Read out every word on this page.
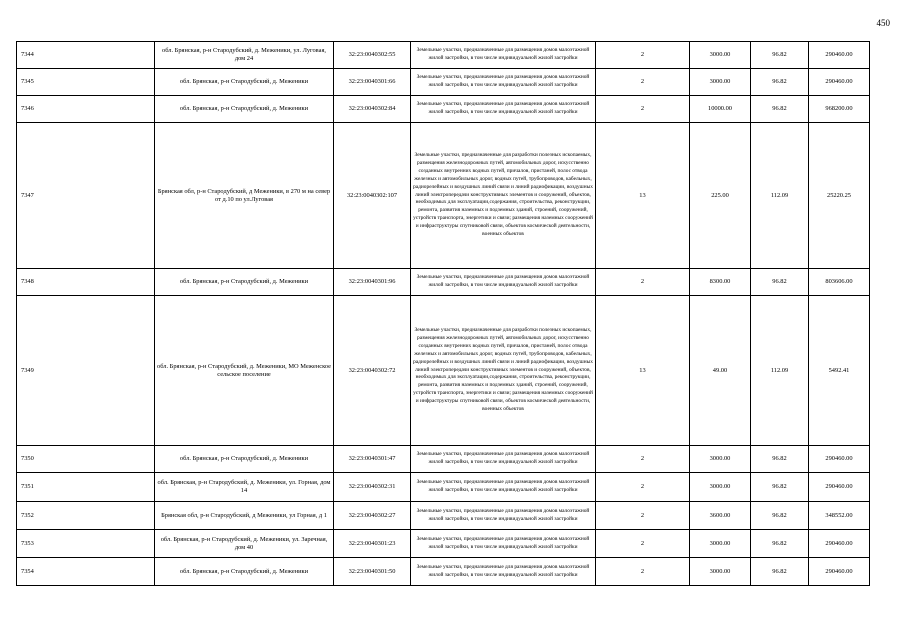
450
7344	обл. Брянская, р-н Стародубский, д. Меженики, ул. Луговая, дом 24	32:23:0040302:55	Земельные участки, предназначенные для размещения домов малоэтажной жилой застройки, в том числе индивидуальной жилой застройки	2	3000.00	96.82	290460.00
7345	обл. Брянская, р-н Стародубский, д. Меженики	32:23:0040301:66	Земельные участки, предназначенные для размещения домов малоэтажной жилой застройки, в том числе индивидуальной жилой застройки	2	3000.00	96.82	290460.00
7346	обл. Брянская, р-н Стародубский, д. Меженики	32:23:0040302:84	Земельные участки, предназначенные для размещения домов малоэтажной жилой застройки, в том числе индивидуальной жилой застройки	2	10000.00	96.82	968200.00
7347	Брянская обл, р-н Стародубский, д Меженики, в 270 м на север от д.10 по ул.Луговая	32:23:0040302:107	Земельные участки, предназначенные для разработки полезных ископаемых, размещения железнодорожных путей, автомобильных дорог, искусственно созданных внутренних водных путей, причалов, пристаней, полос отвода железных и автомобильных дорог, водных путей, трубопроводов, кабельных, радиорелейных и воздушных линий связи и линий радиофикации, воздушных линий электропередачи конструктивных элементов и сооружений, объектов, необходимых для эксплуатации,содержания, строительства, реконструкции, ремонта, развития наземных и подземных зданий, строений, сооружений, устройств транспорта, энергетики и связи; размещения наземных сооружений и инфраструктуры спутниковой связи, объектов космической деятельности, военных объектов	13	225.00	112.09	25220.25
7348	обл. Брянская, р-н Стародубский, д. Меженики	32:23:0040301:96	Земельные участки, предназначенные для размещения домов малоэтажной жилой застройки, в том числе индивидуальной жилой застройки	2	8300.00	96.82	803606.00
7349	обл. Брянская, р-н Стародубский, д. Меженики, МО Меженское сельское поселение	32:23:0040302:72	Земельные участки, предназначенные для разработки полезных ископаемых, размещения железнодорожных путей, автомобильных дорог, искусственно созданных внутренних водных путей, причалов, пристаней, полос отвода железных и автомобильных дорог, водных путей, трубопроводов, кабельных, радиорелейных и воздушных линий связи и линий радиофикации, воздушных линий электропередачи конструктивных элементов и сооружений, объектов, необходимых для эксплуатации,содержания, строительства, реконструкции, ремонта, развития наземных и подземных зданий, строений, сооружений, устройств транспорта, энергетики и связи; размещения наземных сооружений и инфраструктуры спутниковой связи, объектов космической деятельности, военных объектов	13	49.00	112.09	5492.41
7350	обл. Брянская, р-н Стародубский, д. Меженики	32:23:0040301:47	Земельные участки, предназначенные для размещения домов малоэтажной жилой застройки, в том числе индивидуальной жилой застройки	2	3000.00	96.82	290460.00
7351	обл. Брянская, р-н Стародубский, д. Меженики, ул. Горная, дом 14	32:23:0040302:31	Земельные участки, предназначенные для размещения домов малоэтажной жилой застройки, в том числе индивидуальной жилой застройки	2	3000.00	96.82	290460.00
7352	Брянская обл, р-н Стародубский, д Меженики, ул Горная, д 1	32:23:0040302:27	Земельные участки, предназначенные для размещения домов малоэтажной жилой застройки, в том числе индивидуальной жилой застройки	2	3600.00	96.82	348552.00
7353	обл. Брянская, р-н Стародубский, д. Меженики, ул. Заречная, дом 40	32:23:0040301:23	Земельные участки, предназначенные для размещения домов малоэтажной жилой застройки, в том числе индивидуальной жилой застройки	2	3000.00	96.82	290460.00
7354	обл. Брянская, р-н Стародубский, д. Меженики	32:23:0040301:50	Земельные участки, предназначенные для размещения домов малоэтажной жилой застройки, в том числе индивидуальной жилой застройки	2	3000.00	96.82	290460.00
